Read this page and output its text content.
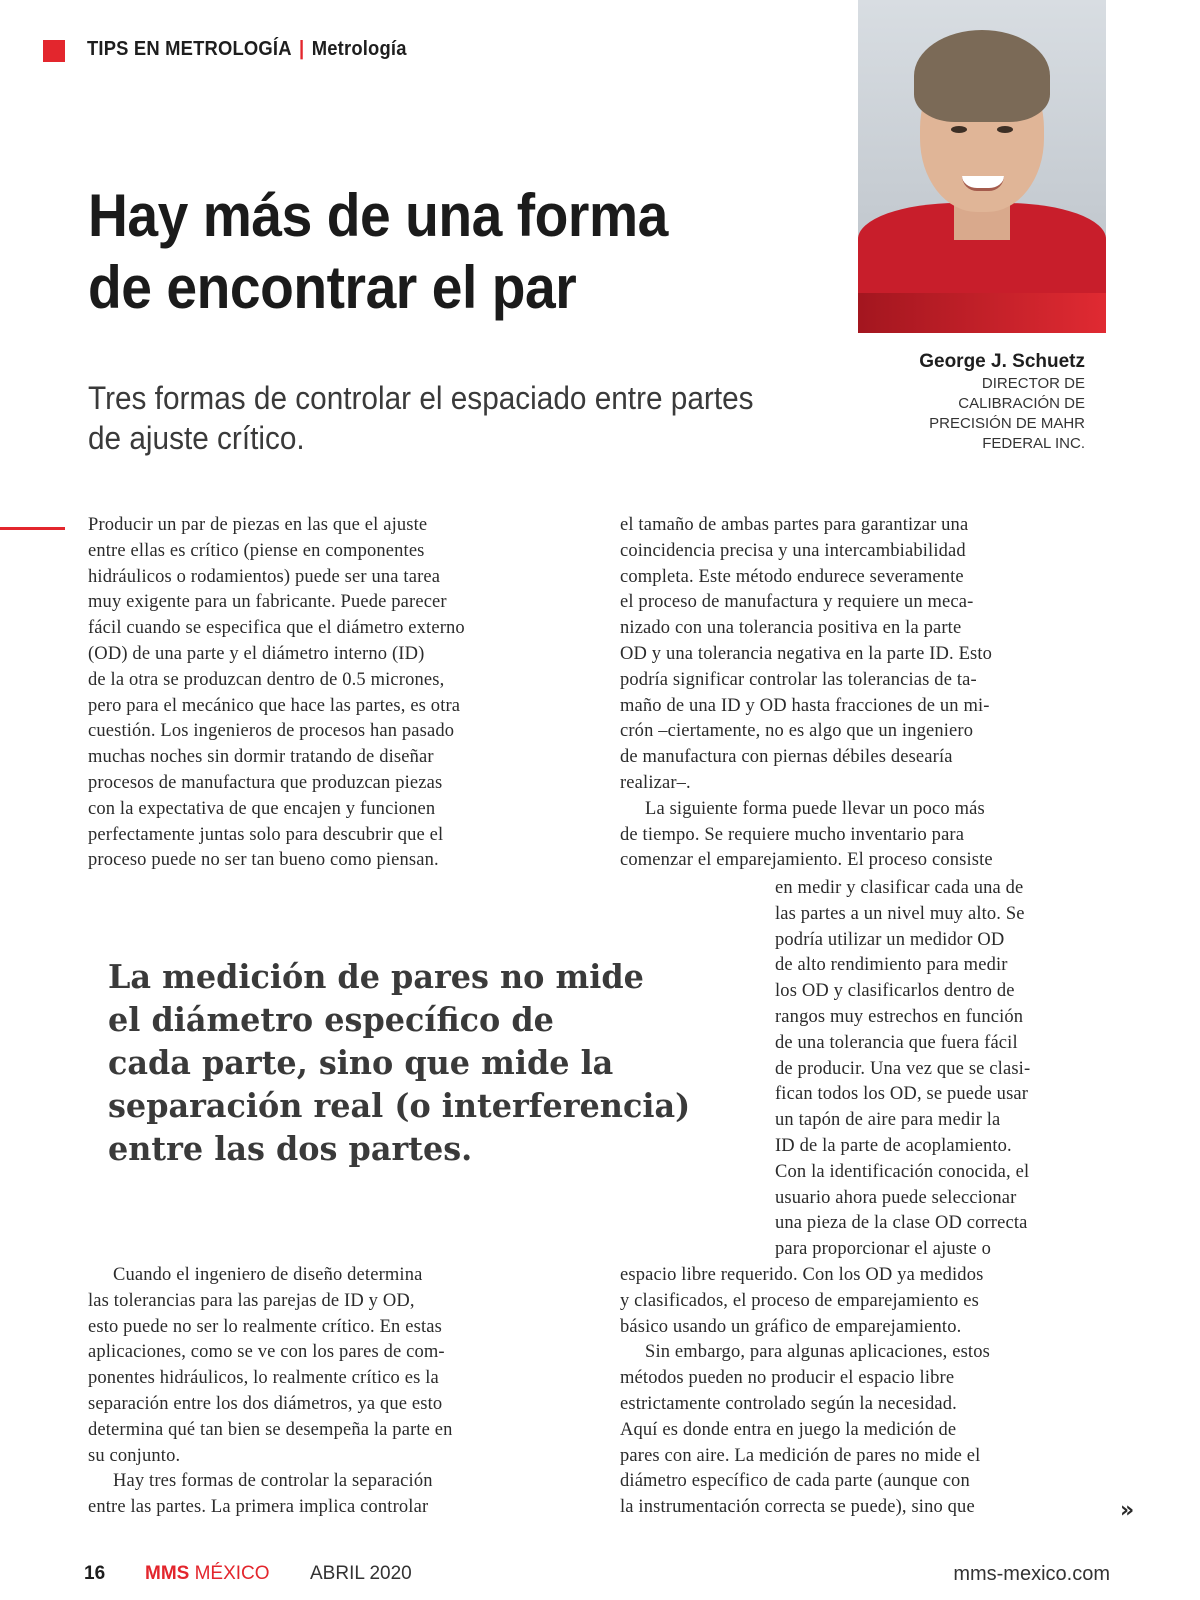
TIPS EN METROLOGÍA | Metrología
Hay más de una forma
de encontrar el par

Tres formas de controlar el espaciado entre partes
de ajuste crítico.

George J. Schuetz
DIRECTOR DE
CALIBRACIÓN DE
PRECISIÓN DE MAHR
FEDERAL INC.

Producir un par de piezas en las que el ajuste
entre ellas es crítico (piense en componentes
hidráulicos o rodamientos) puede ser una tarea
muy exigente para un fabricante. Puede parecer
fácil cuando se especifica que el diámetro externo
(OD) de una parte y el diámetro interno (ID)
de la otra se produzcan dentro de 0.5 micrones,
pero para el mecánico que hace las partes, es otra
cuestión. Los ingenieros de procesos han pasado
muchas noches sin dormir tratando de diseñar
procesos de manufactura que produzcan piezas
con la expectativa de que encajen y funcionen
perfectamente juntas solo para descubrir que el
proceso puede no ser tan bueno como piensan.

Cuando el ingeniero de diseño determina
las tolerancias para las parejas de ID y OD,
esto puede no ser lo realmente crítico. En estas
aplicaciones, como se ve con los pares de com-
ponentes hidráulicos, lo realmente crítico es la
separación entre los dos diámetros, ya que esto
determina qué tan bien se desempeña la parte en
su conjunto.

Hay tres formas de controlar la separación
entre las partes. La primera implica controlar

el tamaño de ambas partes para garantizar una
coincidencia precisa y una intercambiabilidad
completa. Este método endurece severamente
el proceso de manufactura y requiere un meca-
nizado con una tolerancia positiva en la parte
OD y una tolerancia negativa en la parte ID. Esto
podría significar controlar las tolerancias de ta-
maño de una ID y OD hasta fracciones de un mi-
crón –ciertamente, no es algo que un ingeniero
de manufactura con piernas débiles desearía
realizar–.

La siguiente forma puede llevar un poco más
de tiempo. Se requiere mucho inventario para
comenzar el emparejamiento. El proceso consiste

en medir y clasificar cada una de
las partes a un nivel muy alto. Se
podría utilizar un medidor OD
de alto rendimiento para medir
los OD y clasificarlos dentro de
rangos muy estrechos en función
de una tolerancia que fuera fácil
de producir. Una vez que se clasi-
fican todos los OD, se puede usar
un tapón de aire para medir la
ID de la parte de acoplamiento.
Con la identificación conocida, el
usuario ahora puede seleccionar
una pieza de la clase OD correcta
para proporcionar el ajuste o

espacio libre requerido. Con los OD ya medidos
y clasificados, el proceso de emparejamiento es
básico usando un gráfico de emparejamiento.

Sin embargo, para algunas aplicaciones, estos
métodos pueden no producir el espacio libre
estrictamente controlado según la necesidad.
Aquí es donde entra en juego la medición de
pares con aire. La medición de pares no mide el
diámetro específico de cada parte (aunque con
la instrumentación correcta se puede), sino que

La medición de pares no mide
el diámetro específico de
cada parte, sino que mide la
separación real (o interferencia)
entre las dos partes.

»
16 MMS MÉXICO ABRIL 2020	mms-mexico.com
